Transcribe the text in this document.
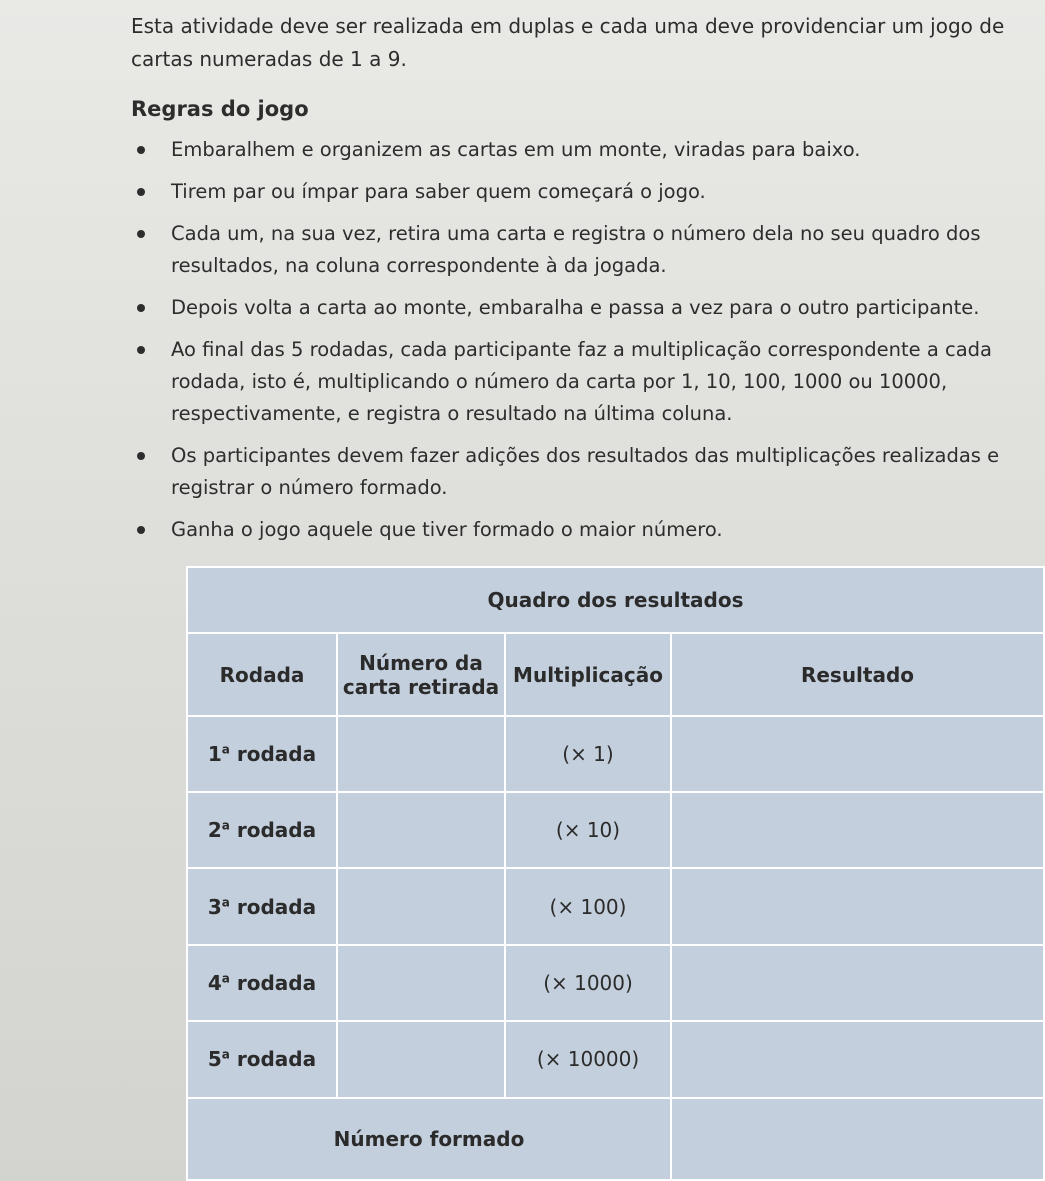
Esta atividade deve ser realizada em duplas e cada uma deve providenciar um jogo de cartas numeradas de 1 a 9.

Regras do jogo

Embaralhem e organizem as cartas em um monte, viradas para baixo.
Tirem par ou ímpar para saber quem começará o jogo.
Cada um, na sua vez, retira uma carta e registra o número dela no seu quadro dos resultados, na coluna correspondente à da jogada.
Depois volta a carta ao monte, embaralha e passa a vez para o outro participante.
Ao final das 5 rodadas, cada participante faz a multiplicação correspondente a cada rodada, isto é, multiplicando o número da carta por 1, 10, 100, 1000 ou 10000, respectivamente, e registra o resultado na última coluna.
Os participantes devem fazer adições dos resultados das multiplicações realizadas e registrar o número formado.
Ganha o jogo aquele que tiver formado o maior número.
Quadro dos resultados			
Rodada	Número da carta retirada	Multiplicação	Resultado
1$^a$ rodada		(× 1)	
2$^a$ rodada		(× 10)	
3$^a$ rodada		(× 100)	
4$^a$ rodada		(× 1000)	
5$^a$ rodada		(× 10000)	
Número formado			
